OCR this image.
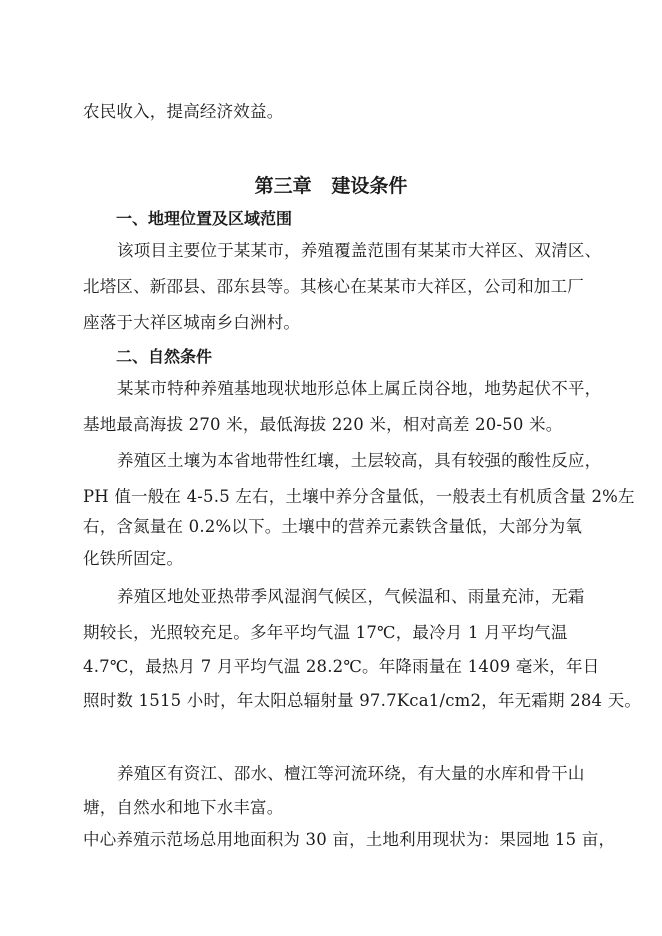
农民收入，提高经济效益。
第三章   建设条件
一、地理位置及区域范围
该项目主要位于某某市，养殖覆盖范围有某某市大祥区、双清区、
北塔区、新邵县、邵东县等。其核心在某某市大祥区，公司和加工厂
座落于大祥区城南乡白洲村。
二、自然条件
某某市特种养殖基地现状地形总体上属丘岗谷地，地势起伏不平，
基地最高海拔 270 米，最低海拔 220 米，相对高差 20-50 米。
养殖区土壤为本省地带性红壤，土层较高，具有较强的酸性反应，
PH 值一般在 4-5.5 左右，土壤中养分含量低，一般表土有机质含量 2%左
右，含氮量在 0.2%以下。土壤中的营养元素铁含量低，大部分为氧
化铁所固定。
养殖区地处亚热带季风湿润气候区，气候温和、雨量充沛，无霜
期较长，光照较充足。多年平均气温 17℃，最冷月 1 月平均气温
4.7℃，最热月 7 月平均气温 28.2℃。年降雨量在 1409 毫米，年日
照时数 1515 小时，年太阳总辐射量 97.7Kca1/cm2，年无霜期 284 天。
养殖区有资江、邵水、檀江等河流环绕，有大量的水库和骨干山
塘，自然水和地下水丰富。
中心养殖示范场总用地面积为 30 亩，土地利用现状为：果园地 15 亩，
